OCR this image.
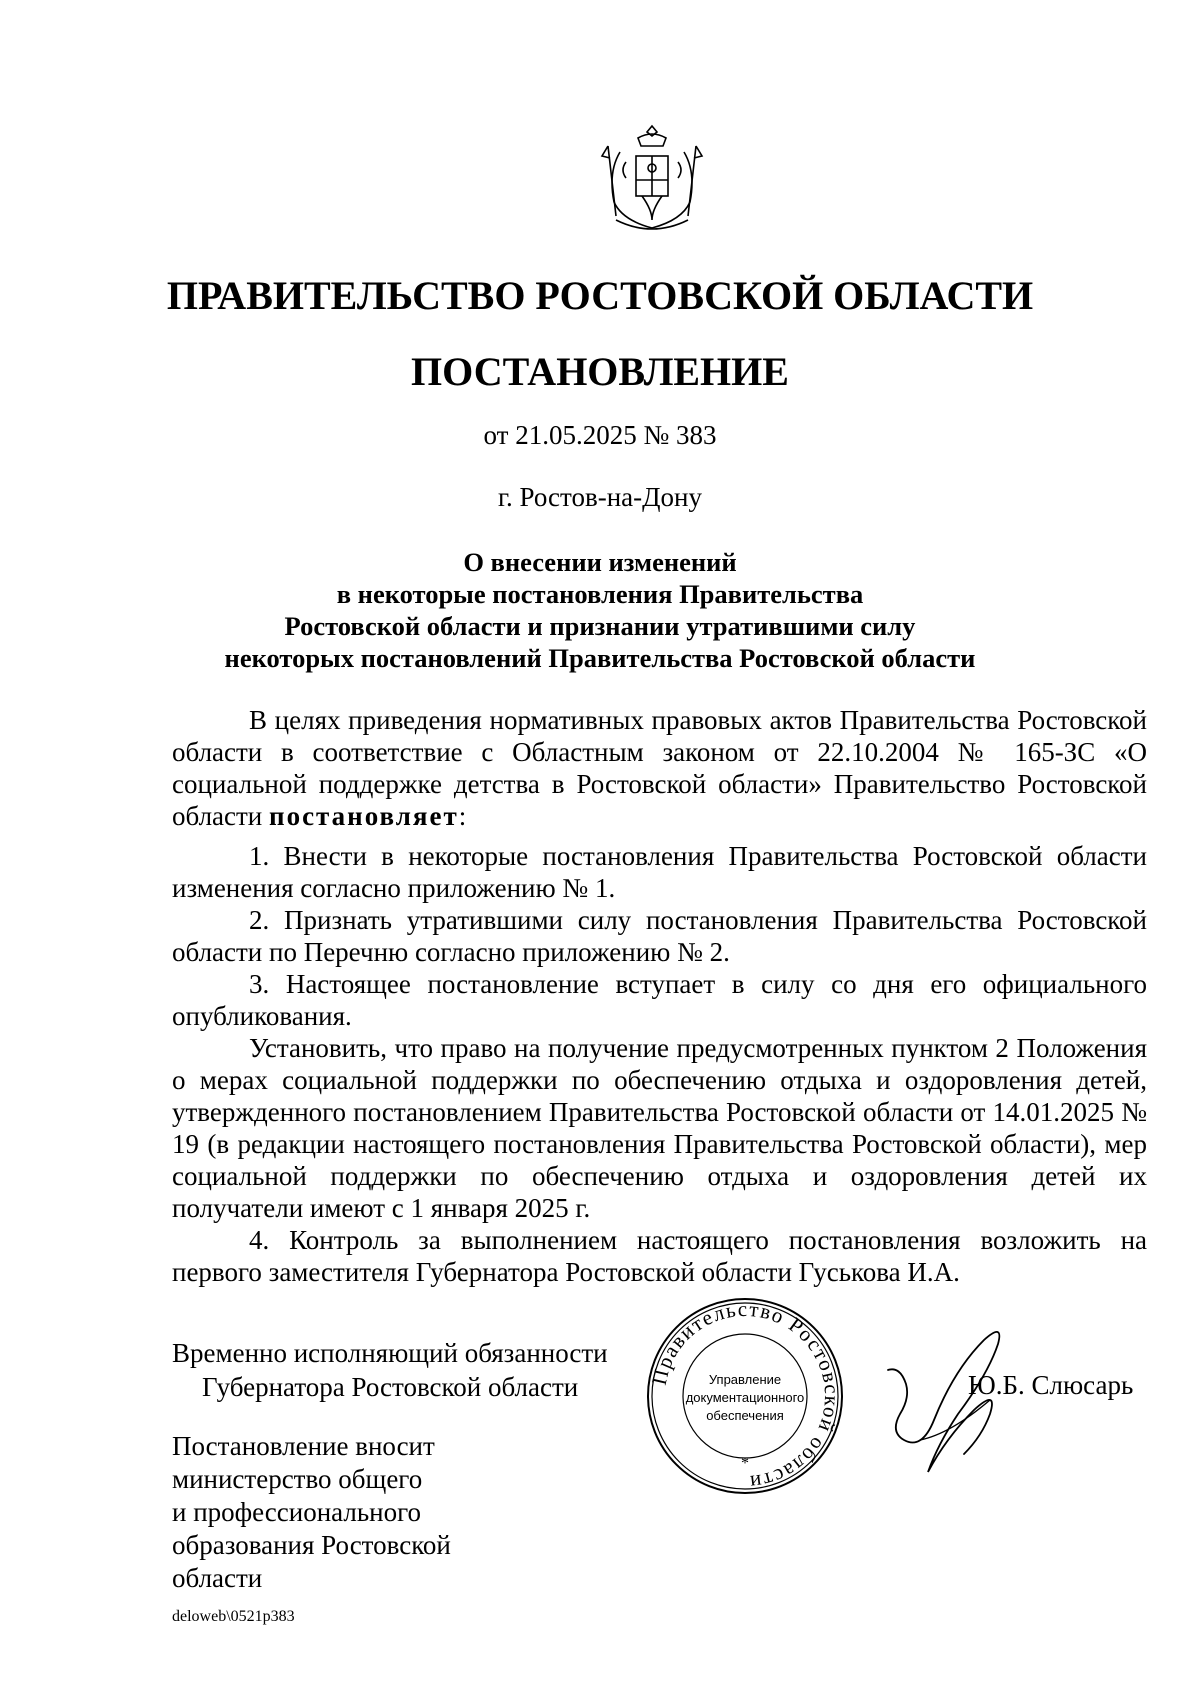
ПРАВИТЕЛЬСТВО РОСТОВСКОЙ ОБЛАСТИ
ПОСТАНОВЛЕНИЕ
от 21.05.2025 № 383
г. Ростов-на-Дону
О внесении изменений
в некоторые постановления Правительства
Ростовской области и признании утратившими силу
некоторых постановлений Правительства Ростовской области

В целях приведения нормативных правовых актов Правительства Ростовской области в соответствие с Областным законом от 22.10.2004 № 165-ЗС «О социальной поддержке детства в Ростовской области» Правительство Ростовской области постановляет:

1. Внести в некоторые постановления Правительства Ростовской области изменения согласно приложению № 1.

2. Признать утратившими силу постановления Правительства Ростовской области по Перечню согласно приложению № 2.

3. Настоящее постановление вступает в силу со дня его официального опубликования.

Установить, что право на получение предусмотренных пунктом 2 Положения о мерах социальной поддержки по обеспечению отдыха и оздоровления детей, утвержденного постановлением Правительства Ростовской области от 14.01.2025 № 19 (в редакции настоящего постановления Правительства Ростовской области), мер социальной поддержки по обеспечению отдыха и оздоровления детей их получатели имеют с 1 января 2025 г.

4. Контроль за выполнением настоящего постановления возложить на первого заместителя Губернатора Ростовской области Гуськова И.А.

Временно исполняющий обязанности
Губернатора Ростовской области	Правительство Ростовской области
Управление
документационного
обеспечения
*
Ю.Б. Слюсарь
Постановление вносит
министерство общего
и профессионального
образования Ростовской
области
deloweb\0521p383
